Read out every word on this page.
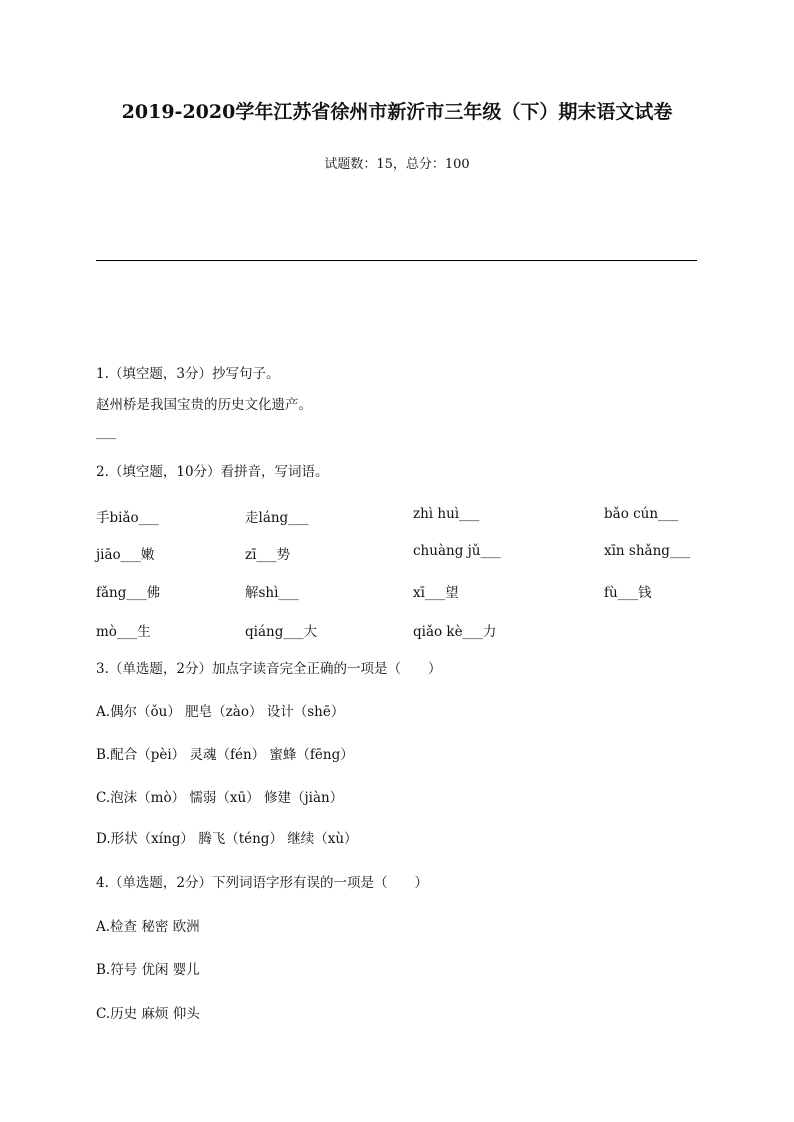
2019-2020学年江苏省徐州市新沂市三年级（下）期末语文试卷
试题数：15，总分：100
1.（填空题，3分）抄写句子。
赵州桥是我国宝贵的历史文化遗产。
___
2.（填空题，10分）看拼音，写词语。
手biǎo___	走láng___	zhì huì___	bǎo cún___
jiāo___嫩	zī___势	chuàng jǔ___	xīn shǎng___
fǎng___佛	解shì___	xī___望	fù___钱
mò___生	qiáng___大	qiǎo kè___力
3.（单选题，2分）加点字读音完全正确的一项是（　　）
A.偶尔（ǒu） 肥皂（zào） 设计（shē）
B.配合（pèi） 灵魂（fén） 蜜蜂（fēng）
C.泡沫（mò） 懦弱（xū） 修建（jiàn）
D.形状（xíng） 腾飞（téng） 继续（xù）
4.（单选题，2分）下列词语字形有误的一项是（　　）
A.检查 秘密 欧洲
B.符号 优闲 婴儿
C.历史 麻烦 仰头
